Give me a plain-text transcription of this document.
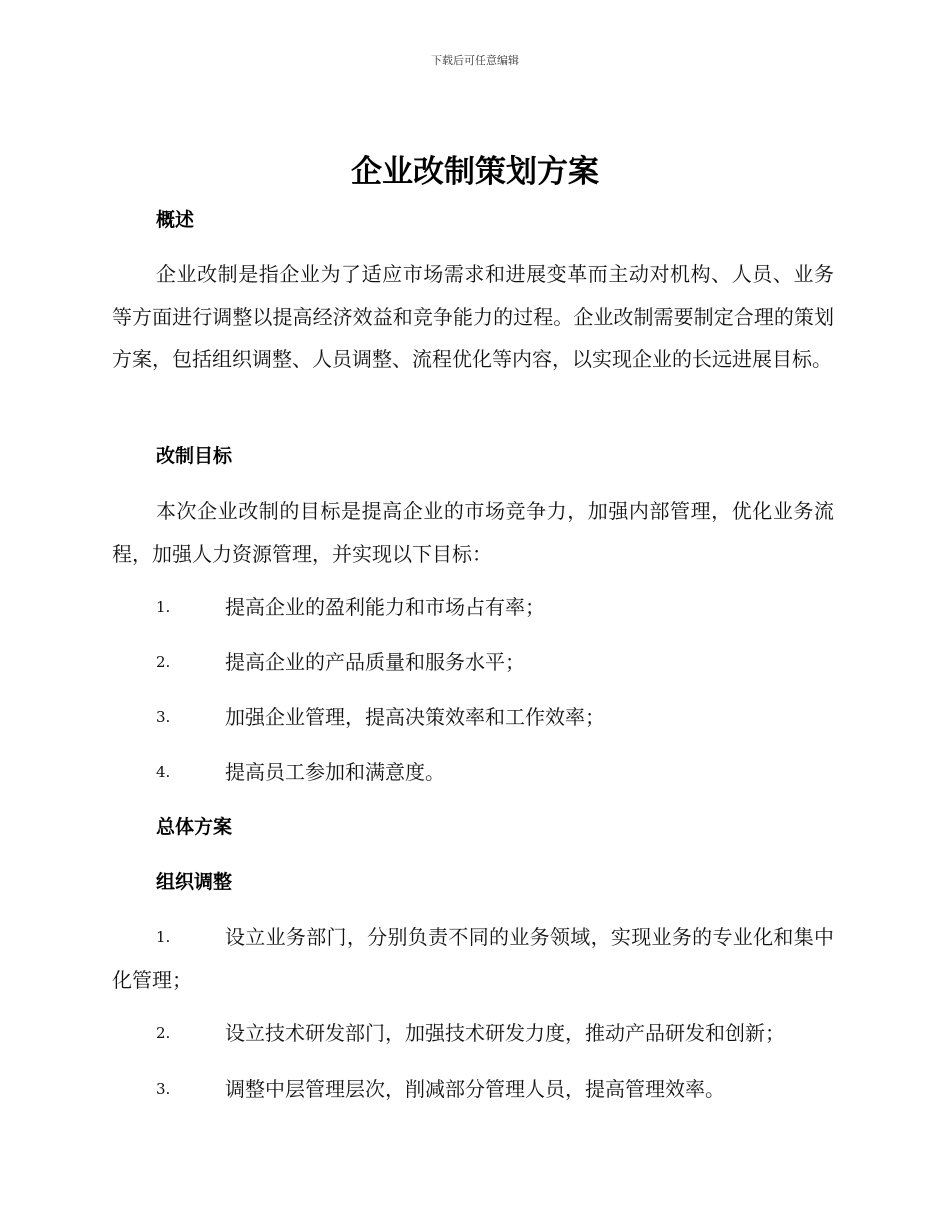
下载后可任意编辑
企业改制策划方案
概述

企业改制是指企业为了适应市场需求和进展变革而主动对机构、人员、业务等方面进行调整以提高经济效益和竞争能力的过程。企业改制需要制定合理的策划方案，包括组织调整、人员调整、流程优化等内容，以实现企业的长远进展目标。

改制目标

本次企业改制的目标是提高企业的市场竞争力，加强内部管理，优化业务流程，加强人力资源管理，并实现以下目标：

1.	提高企业的盈利能力和市场占有率；
2.	提高企业的产品质量和服务水平；
3.	加强企业管理，提高决策效率和工作效率；
4.	提高员工参加和满意度。
总体方案
组织调整
1.	设立业务部门，分别负责不同的业务领域，实现业务的专业化和集中化管理；
2.	设立技术研发部门，加强技术研发力度，推动产品研发和创新；
3.	调整中层管理层次，削减部分管理人员，提高管理效率。
